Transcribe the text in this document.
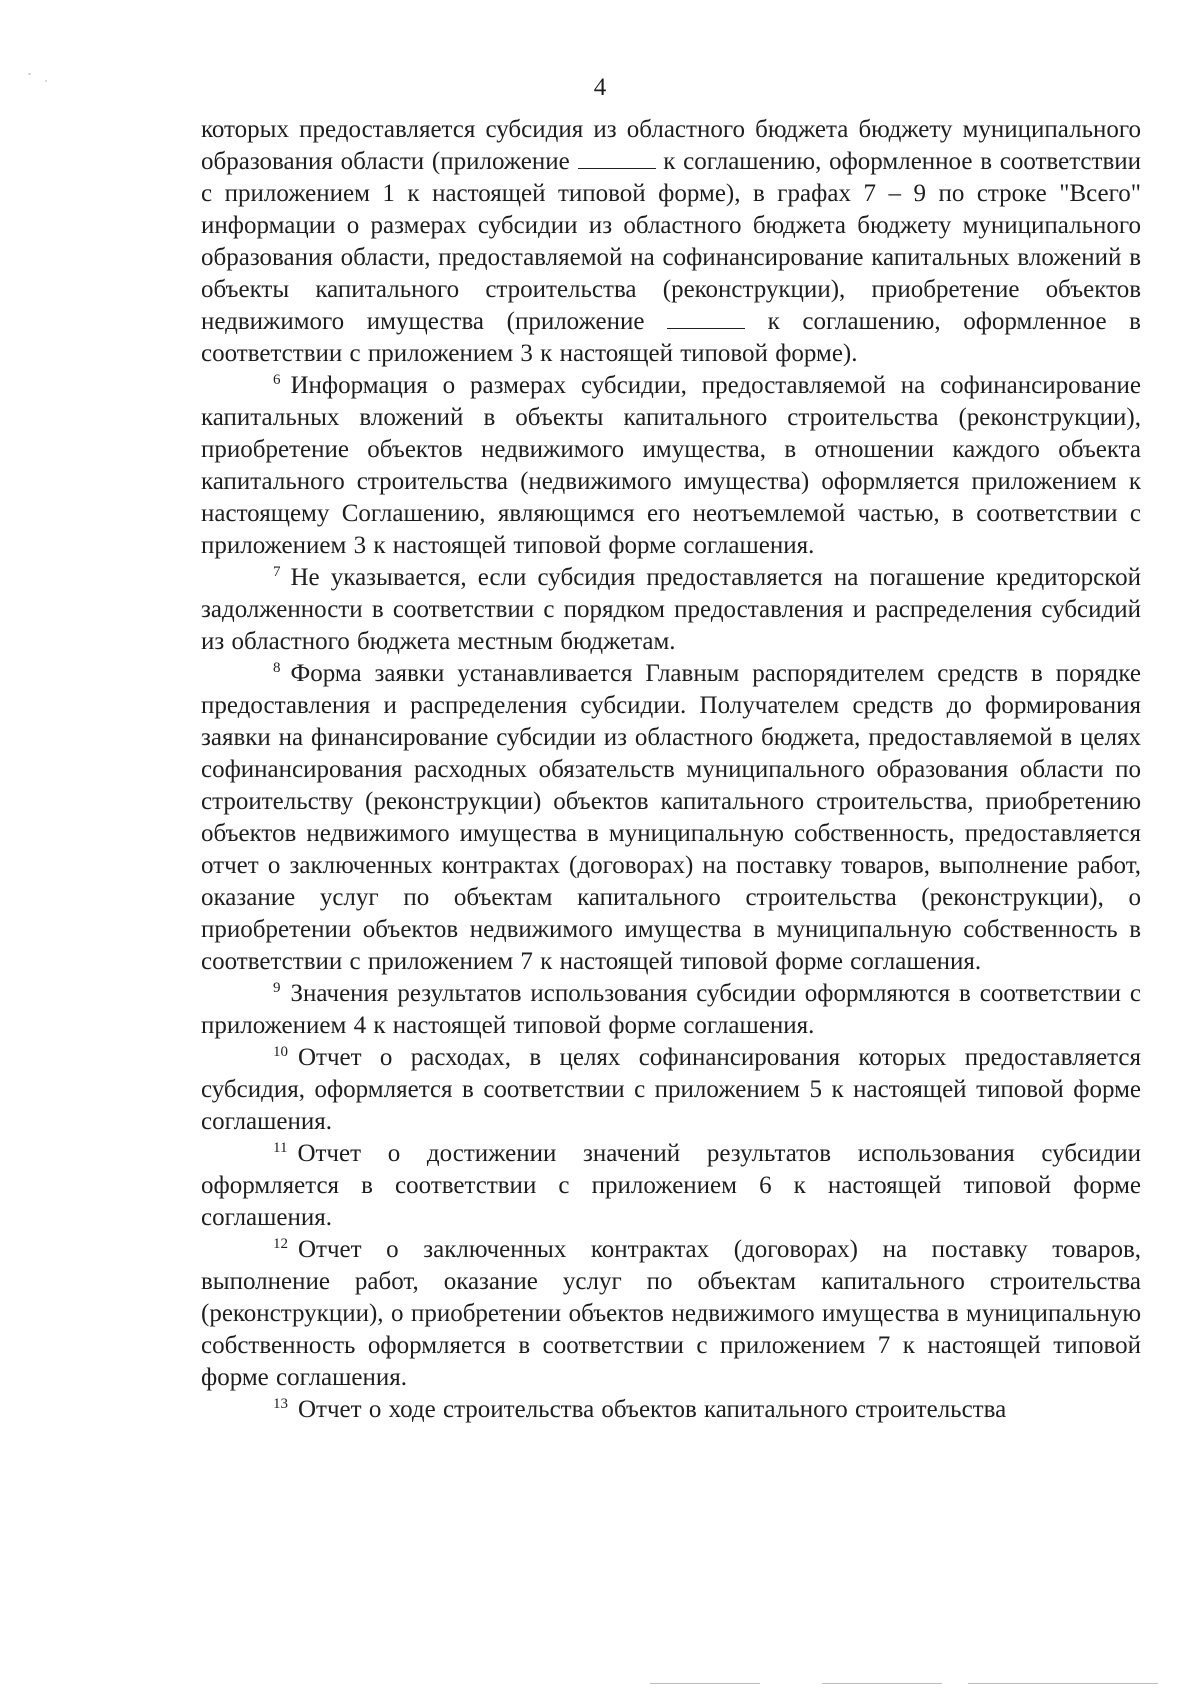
4

которых предоставляется субсидия из областного бюджета бюджету муниципального образования области (приложение	к соглашению, оформленное в соответствии с приложением 1 к настоящей типовой форме), в графах 7 – 9 по строке "Всего" информации о размерах субсидии из областного бюджета бюджету муниципального образования области, предоставляемой на софинансирование капитальных вложений в объекты капитального строительства (реконструкции), приобретение объектов недвижимого имущества (приложение	к соглашению, оформленное в соответствии с приложением 3 к настоящей типовой форме).

$^6$ Информация о размерах субсидии, предоставляемой на софинансирование капитальных вложений в объекты капитального строительства (реконструкции), приобретение объектов недвижимого имущества, в отношении каждого объекта капитального строительства (недвижимого имущества) оформляется приложением к настоящему Соглашению, являющимся его неотъемлемой частью, в соответствии с приложением 3 к настоящей типовой форме соглашения.

$^7$ Не указывается, если субсидия предоставляется на погашение кредиторской задолженности в соответствии с порядком предоставления и распределения субсидий из областного бюджета местным бюджетам.

$^8$ Форма заявки устанавливается Главным распорядителем средств в порядке предоставления и распределения субсидии. Получателем средств до формирования заявки на финансирование субсидии из областного бюджета, предоставляемой в целях софинансирования расходных обязательств муниципального образования области по строительству (реконструкции) объектов капитального строительства, приобретению объектов недвижимого имущества в муниципальную собственность, предоставляется отчет о заключенных контрактах (договорах) на поставку товаров, выполнение работ, оказание услуг по объектам капитального строительства (реконструкции), о приобретении объектов недвижимого имущества в муниципальную собственность в соответствии с приложением 7 к настоящей типовой форме соглашения.

$^9$ Значения результатов использования субсидии оформляются в соответствии с приложением 4 к настоящей типовой форме соглашения.

$^{10}$ Отчет о расходах, в целях софинансирования которых предоставляется субсидия, оформляется в соответствии с приложением 5 к настоящей типовой форме соглашения.

$^{11}$ Отчет о достижении значений результатов использования субсидии оформляется в соответствии с приложением 6 к настоящей типовой форме соглашения.

$^{12}$ Отчет о заключенных контрактах (договорах) на поставку товаров, выполнение работ, оказание услуг по объектам капитального строительства (реконструкции), о приобретении объектов недвижимого имущества в муниципальную собственность оформляется в соответствии с приложением 7 к настоящей типовой форме соглашения.

$^{13}$ Отчет о ходе строительства объектов капитального строительства
